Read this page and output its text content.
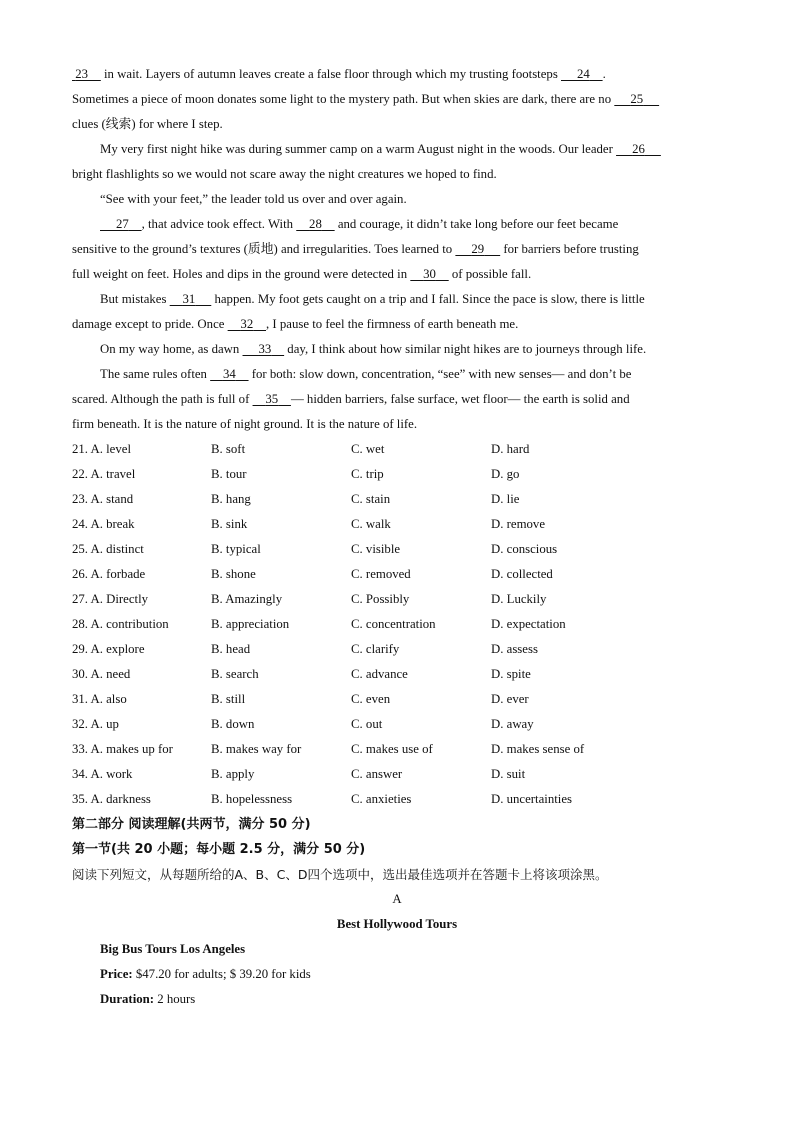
23     in wait. Layers of autumn leaves create a false floor through which my trusting footsteps      24 .
Sometimes a piece of moon donates some light to the mystery path. But when skies are dark, there are no      25
clues (线索) for where I step.
My very first night hike was during summer camp on a warm August night in the woods. Our leader      26
bright flashlights so we would not scare away the night creatures we hoped to find.
“See with your feet,” the leader told us over and over again.
27 , that advice took effect. With     28     and courage, it didn’t take long before our feet became
sensitive to the ground’s textures (质地) and irregularities. Toes learned to      29      for barriers before trusting
full weight on feet. Holes and dips in the ground were detected in     30     of possible fall.
But mistakes     31      happen. My foot gets caught on a trip and I fall. Since the pace is slow, there is little
damage except to pride. Once     32 , I pause to feel the firmness of earth beneath me.
On my way home, as dawn      33     day, I think about how similar night hikes are to journeys through life.
The same rules often     34     for both: slow down, concentration, “see” with new senses— and don’t be
scared. Although the path is full of     35 — hidden barriers, false surface, wet floor— the earth is solid and
firm beneath. It is the nature of night ground. It is the nature of life.
21. A. level	B. soft	C. wet	D. hard
22. A. travel	B. tour	C. trip	D. go
23. A. stand	B. hang	C. stain	D. lie
24. A. break	B. sink	C. walk	D. remove
25. A. distinct	B. typical	C. visible	D. conscious
26. A. forbade	B. shone	C. removed	D. collected
27. A. Directly	B. Amazingly	C. Possibly	D. Luckily
28. A. contribution	B. appreciation	C. concentration	D. expectation
29. A. explore	B. head	C. clarify	D. assess
30. A. need	B. search	C. advance	D. spite
31. A. also	B. still	C. even	D. ever
32. A. up	B. down	C. out	D. away
33. A. makes up for	B. makes way for	C. makes use of	D. makes sense of
34. A. work	B. apply	C. answer	D. suit
35. A. darkness	B. hopelessness	C. anxieties	D. uncertainties
第二部分 阅读理解(共两节，满分 50 分)
第一节(共 20 小题；每小题 2.5 分，满分 50 分)
阅读下列短文，从每题所给的A、B、C、D四个选项中，选出最佳选项并在答题卡上将该项涂黑。
A
Best Hollywood Tours
Big Bus Tours Los Angeles
Price: $47.20 for adults; $ 39.20 for kids
Duration: 2 hours
